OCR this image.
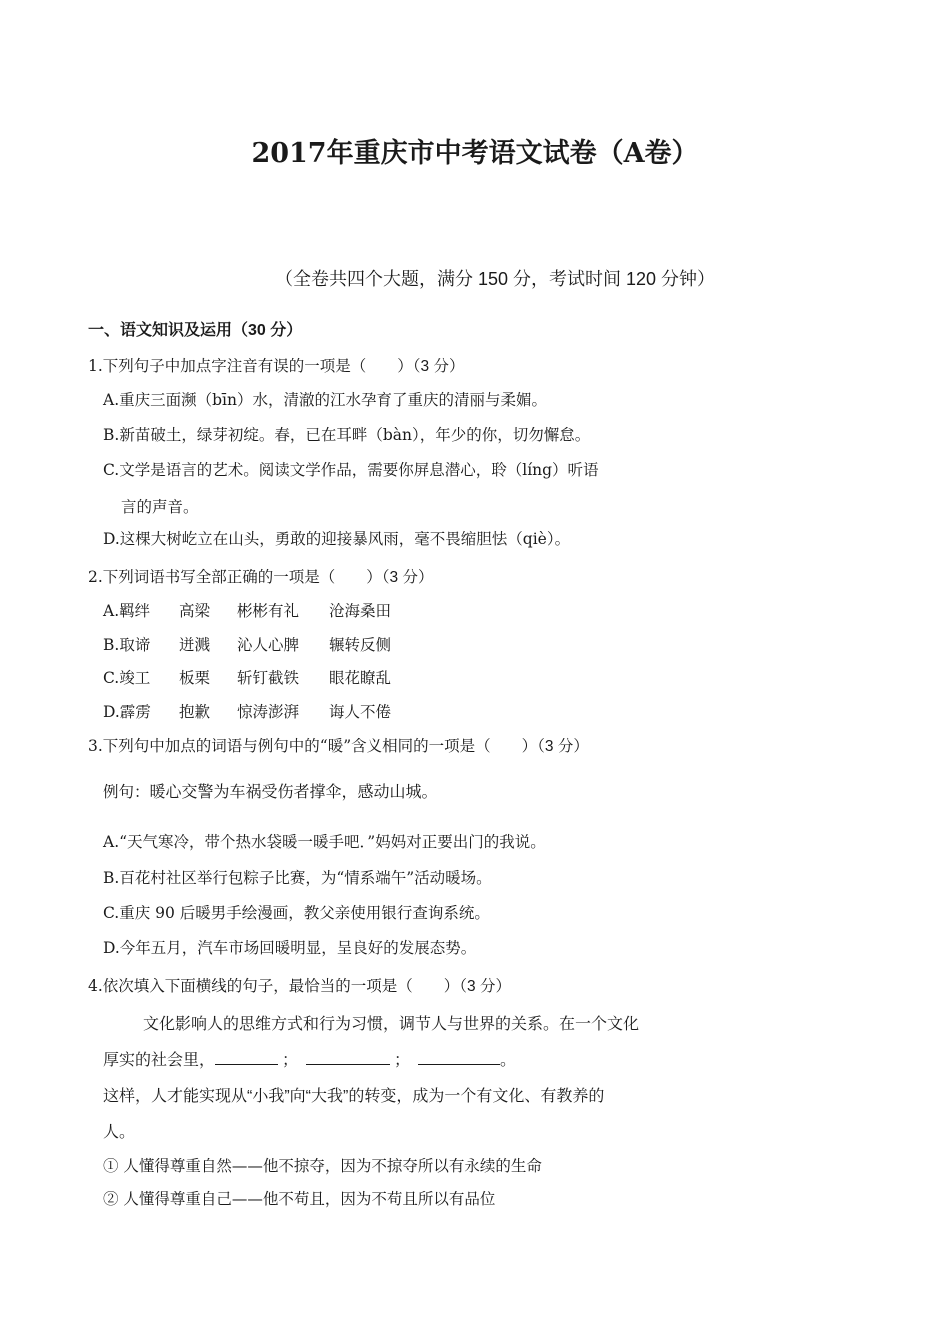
2017年重庆市中考语文试卷（A卷）
（全卷共四个大题，满分 150 分，考试时间 120 分钟）
一、语文知识及运用（30 分）
1.下列句子中加点字注音有误的一项是（　　）（3 分）
A.重庆三面濒（bīn）水，清澈的江水孕育了重庆的清丽与柔媚。
B.新苗破土，绿芽初绽。春，已在耳畔（bàn），年少的你，切勿懈怠。
C.文学是语言的艺术。阅读文学作品，需要你屏息潜心，聆（líng）听语
言的声音。
D.这棵大树屹立在山头，勇敢的迎接暴风雨，毫不畏缩胆怯（qiè）。
2.下列词语书写全部正确的一项是（　　）（3 分）
A.羁绊 高梁 彬彬有礼 沧海桑田
B.取谛 迸溅 沁人心脾 辗转反侧
C.竣工 板栗 斩钉截铁 眼花瞭乱
D.霹雳 抱歉 惊涛澎湃 诲人不倦
3.下列句中加点的词语与例句中的“暖”含义相同的一项是（　　）（3 分）
例句：暖心交警为车祸受伤者撑伞，感动山城。
A.“天气寒冷，带个热水袋暖一暖手吧．”妈妈对正要出门的我说。
B.百花村社区举行包粽子比赛，为“情系端午”活动暖场。
C.重庆 90 后暖男手绘漫画，教父亲使用银行查询系统。
D.今年五月，汽车市场回暖明显，呈良好的发展态势。
4.依次填入下面横线的句子，最恰当的一项是（　　）（3 分）
文化影响人的思维方式和行为习惯，调节人与世界的关系。在一个文化
厚实的社会里，	；	；	。
这样，人才能实现从“小我”向“大我”的转变，成为一个有文化、有教养的
人。
① 人懂得尊重自然——他不掠夺，因为不掠夺所以有永续的生命
② 人懂得尊重自己——他不苟且，因为不苟且所以有品位
